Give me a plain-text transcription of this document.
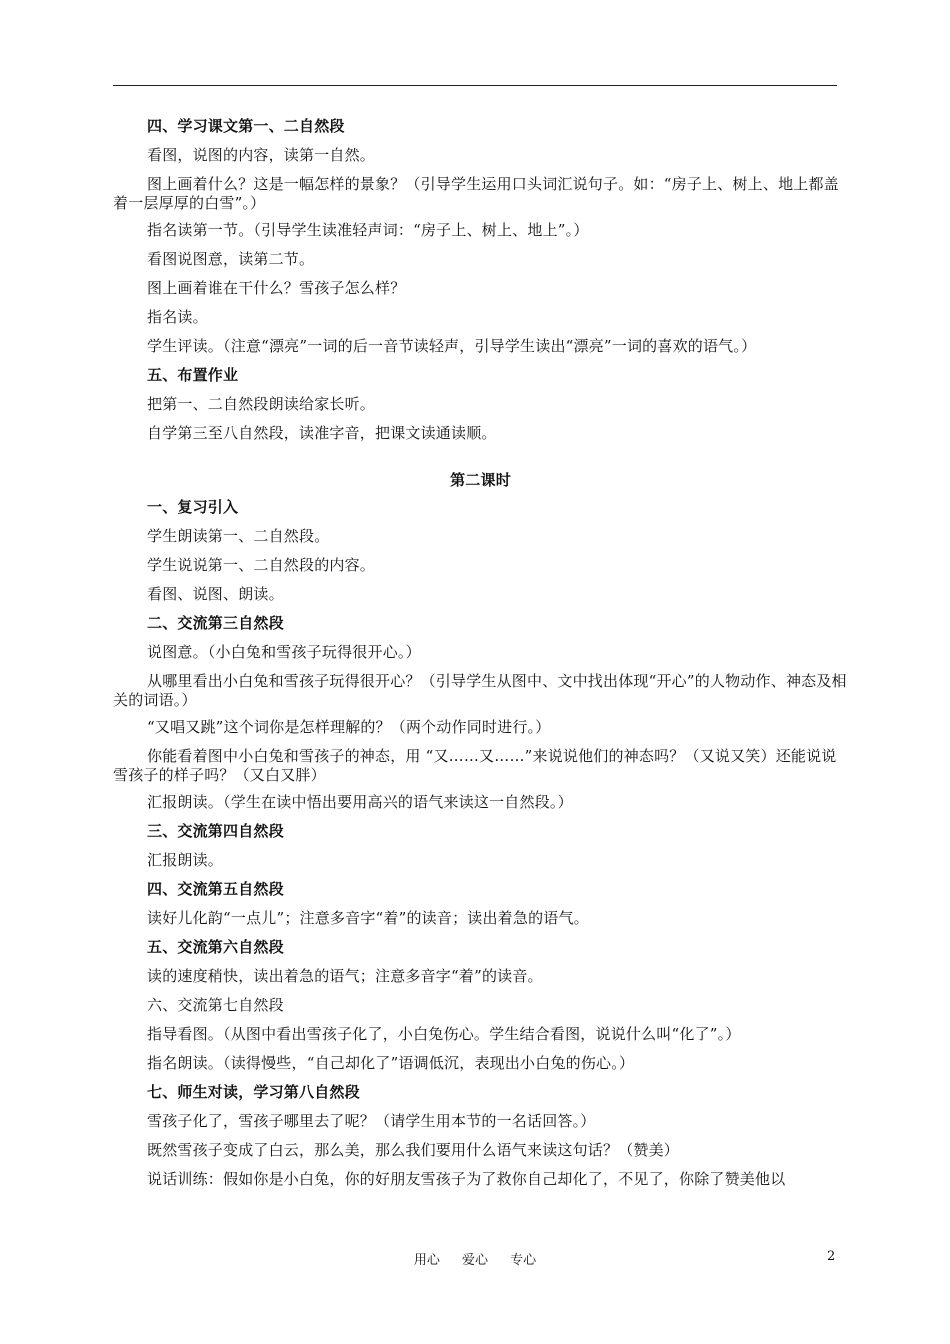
四、学习课文第一、二自然段

看图，说图的内容，读第一自然。

图上画着什么？这是一幅怎样的景象？（引导学生运用口头词汇说句子。如：“房子上、树上、地上都盖着一层厚厚的白雪”。）

指名读第一节。（引导学生读准轻声词：“房子上、树上、地上”。）

看图说图意，读第二节。

图上画着谁在干什么？雪孩子怎么样？

指名读。

学生评读。（注意“漂亮”一词的后一音节读轻声，引导学生读出“漂亮”一词的喜欢的语气。）

五、布置作业

把第一、二自然段朗读给家长听。

自学第三至八自然段，读准字音，把课文读通读顺。

第二课时

一、复习引入

学生朗读第一、二自然段。

学生说说第一、二自然段的内容。

看图、说图、朗读。

二、交流第三自然段

说图意。（小白兔和雪孩子玩得很开心。）

从哪里看出小白兔和雪孩子玩得很开心？（引导学生从图中、文中找出体现“开心”的人物动作、神态及相关的词语。）

“又唱又跳”这个词你是怎样理解的？（两个动作同时进行。）

你能看着图中小白兔和雪孩子的神态，用 “又……又……”来说说他们的神态吗？（又说又笑）还能说说雪孩子的样子吗？（又白又胖）

汇报朗读。（学生在读中悟出要用高兴的语气来读这一自然段。）

三、交流第四自然段

汇报朗读。

四、交流第五自然段

读好儿化韵“一点儿”；注意多音字“着”的读音；读出着急的语气。

五、交流第六自然段

读的速度稍快，读出着急的语气；注意多音字“着”的读音。

六、交流第七自然段

指导看图。（从图中看出雪孩子化了，小白兔伤心。学生结合看图，说说什么叫“化了”。）

指名朗读。（读得慢些，“自己却化了”语调低沉，表现出小白兔的伤心。）

七、师生对读，学习第八自然段

雪孩子化了，雪孩子哪里去了呢？（请学生用本节的一名话回答。）

既然雪孩子变成了白云，那么美，那么我们要用什么语气来读这句话？（赞美）

说话训练：假如你是小白兔，你的好朋友雪孩子为了救你自己却化了，不见了，你除了赞美他以

用心 爱心 专心	2
